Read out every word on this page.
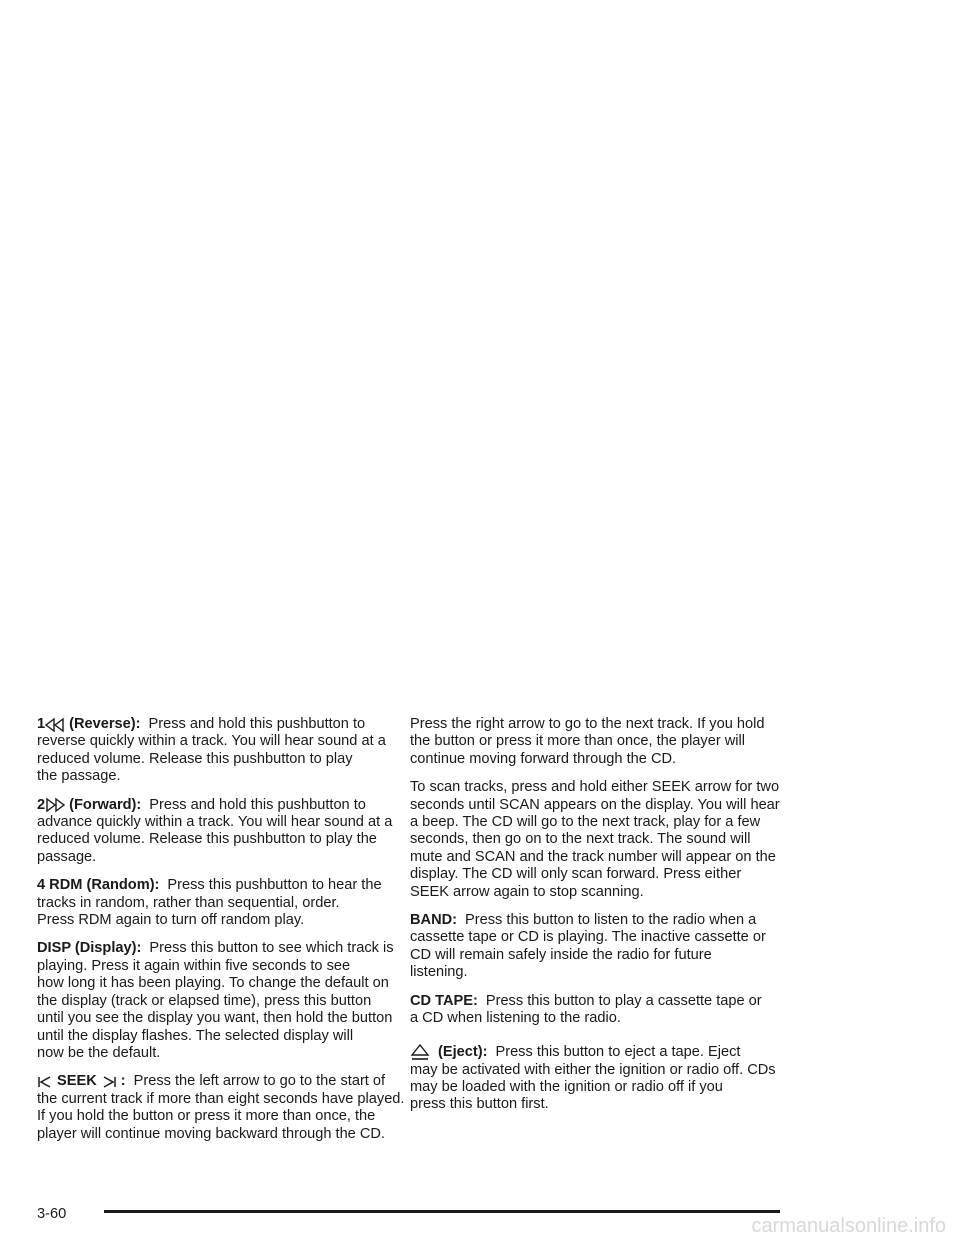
1 (Reverse): Press and hold this pushbutton to
reverse quickly within a track. You will hear sound at a
reduced volume. Release this pushbutton to play
the passage.
2 (Forward): Press and hold this pushbutton to
advance quickly within a track. You will hear sound at a
reduced volume. Release this pushbutton to play the
passage.
4 RDM (Random): Press this pushbutton to hear the
tracks in random, rather than sequential, order.
Press RDM again to turn off random play.
DISP (Display): Press this button to see which track is
playing. Press it again within five seconds to see
how long it has been playing. To change the default on
the display (track or elapsed time), press this button
until you see the display you want, then hold the button
until the display flashes. The selected display will
now be the default.
SEEK : Press the left arrow to go to the start of
the current track if more than eight seconds have played.
If you hold the button or press it more than once, the
player will continue moving backward through the CD.
Press the right arrow to go to the next track. If you hold
the button or press it more than once, the player will
continue moving forward through the CD.
To scan tracks, press and hold either SEEK arrow for two
seconds until SCAN appears on the display. You will hear
a beep. The CD will go to the next track, play for a few
seconds, then go on to the next track. The sound will
mute and SCAN and the track number will appear on the
display. The CD will only scan forward. Press either
SEEK arrow again to stop scanning.
BAND: Press this button to listen to the radio when a
cassette tape or CD is playing. The inactive cassette or
CD will remain safely inside the radio for future
listening.
CD TAPE: Press this button to play a cassette tape or
a CD when listening to the radio.
(Eject): Press this button to eject a tape. Eject
may be activated with either the ignition or radio off. CDs
may be loaded with the ignition or radio off if you
press this button first.
3-60
carmanualsonline.info
